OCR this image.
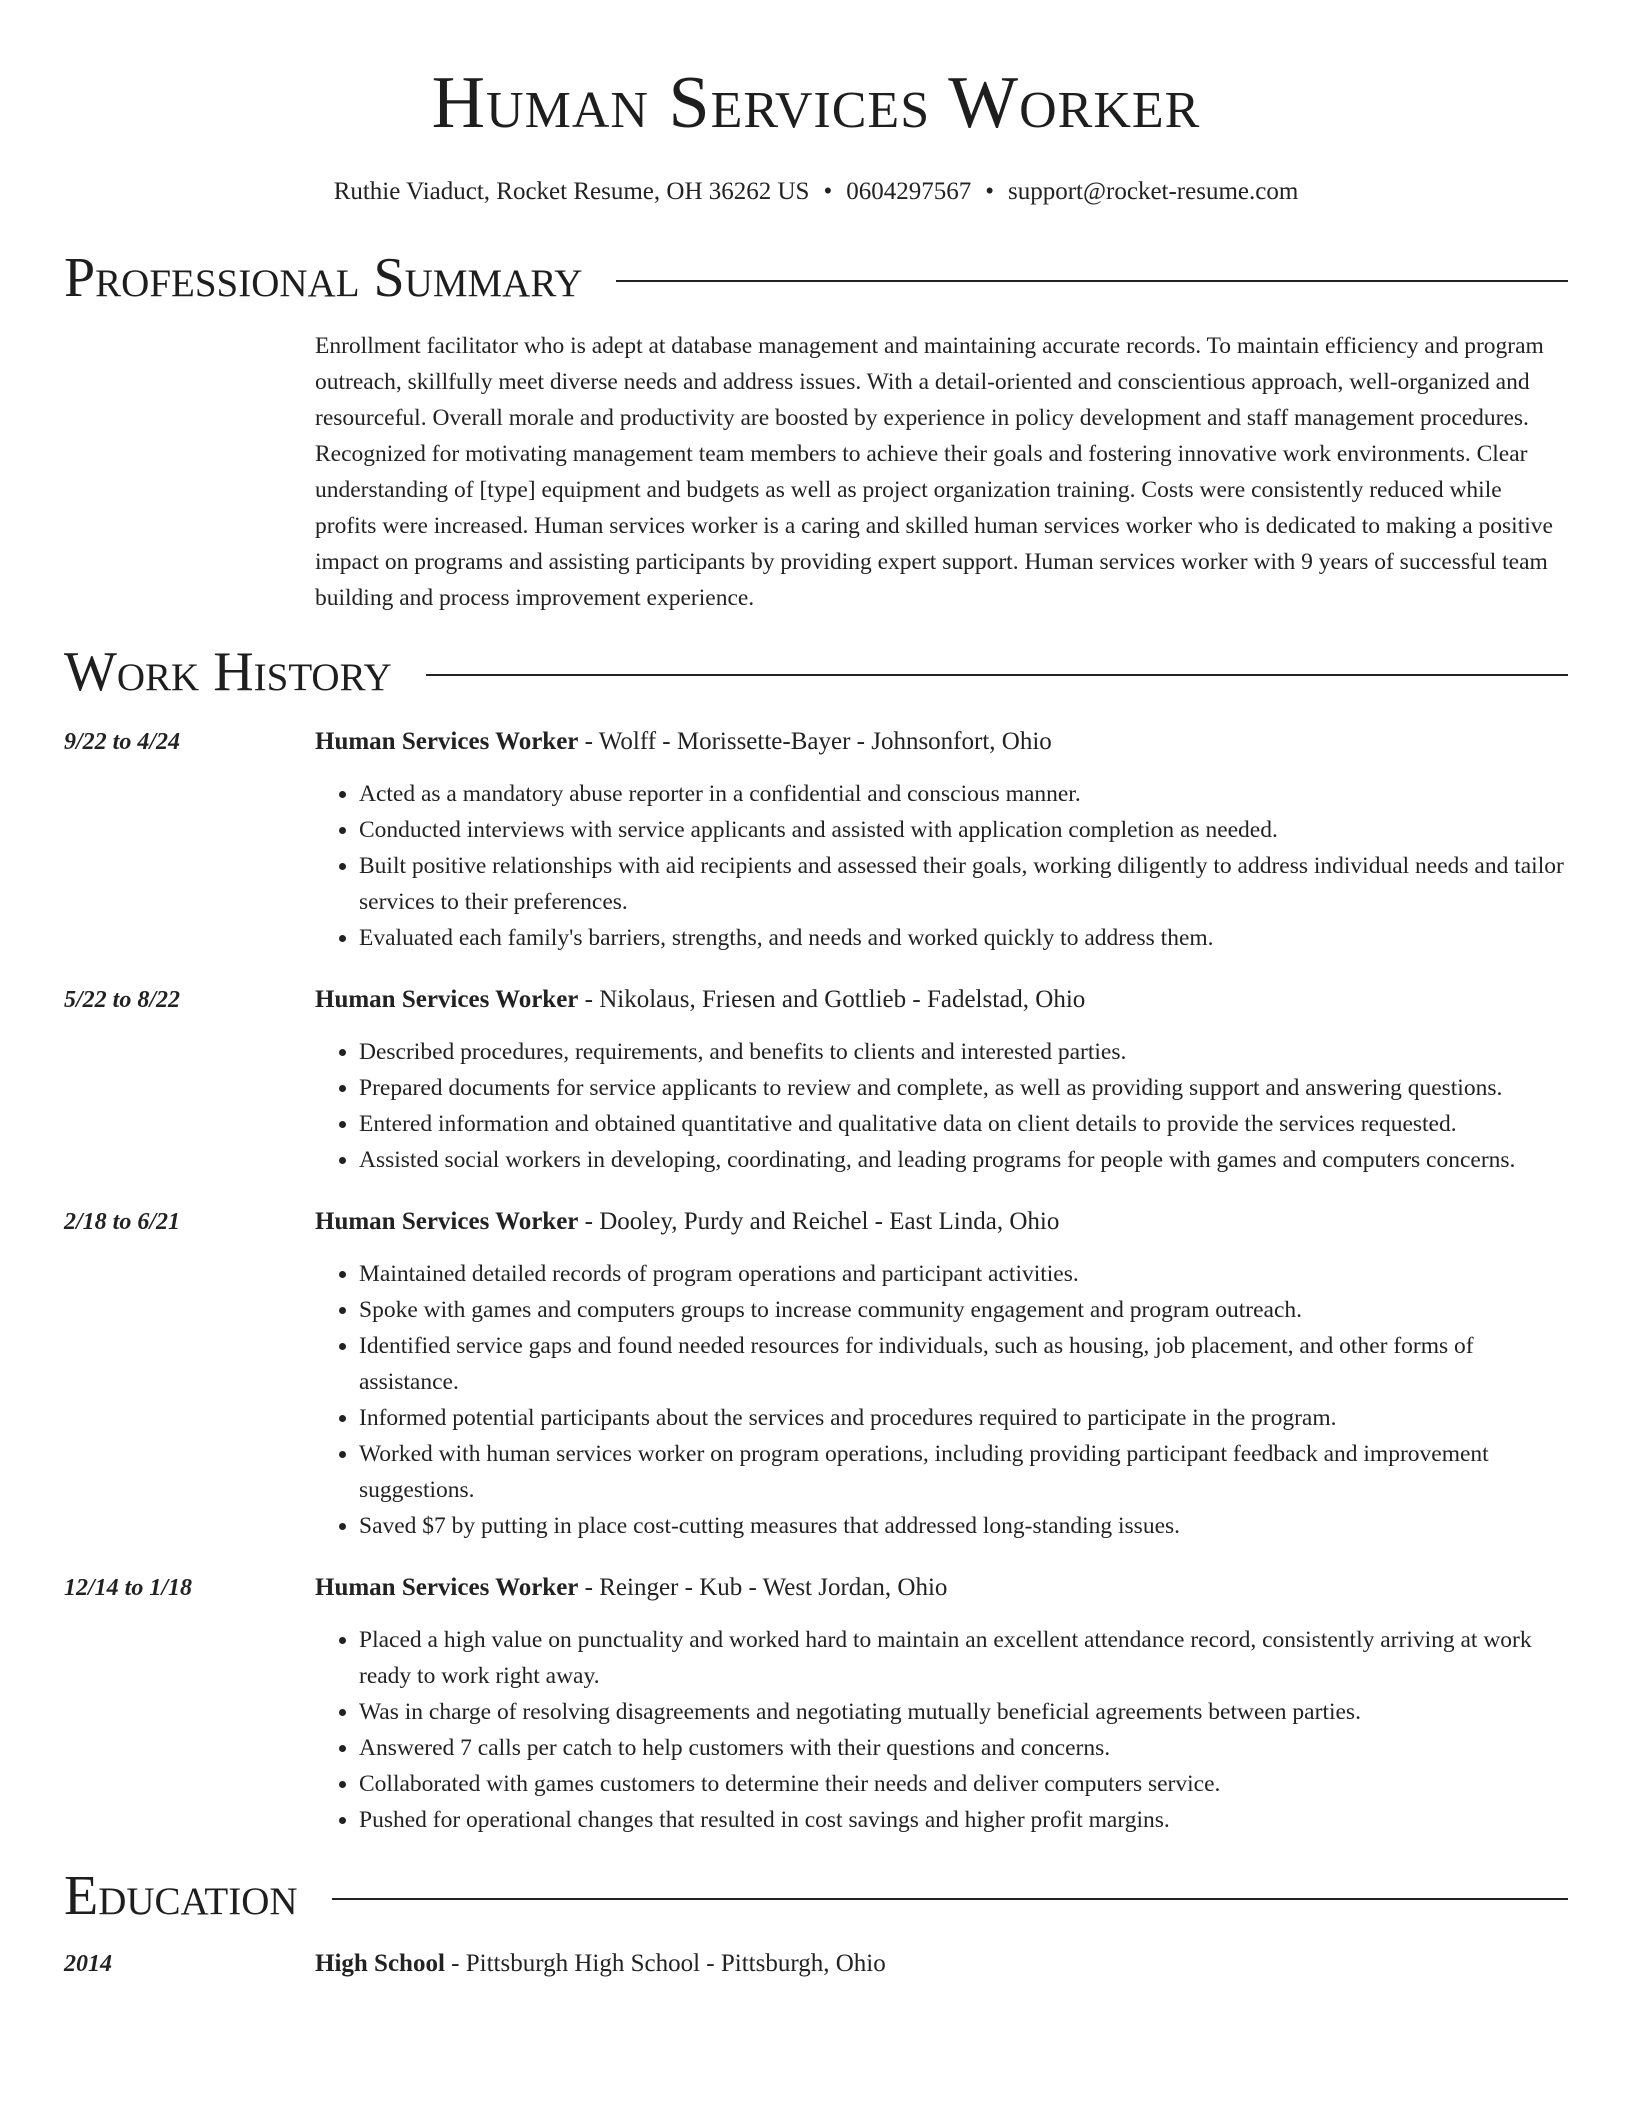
Human Services Worker
Ruthie Viaduct, Rocket Resume, OH 36262 US • 0604297567 • support@rocket-resume.com
Professional Summary
Enrollment facilitator who is adept at database management and maintaining accurate records. To maintain efficiency and program outreach, skillfully meet diverse needs and address issues. With a detail-oriented and conscientious approach, well-organized and resourceful. Overall morale and productivity are boosted by experience in policy development and staff management procedures. Recognized for motivating management team members to achieve their goals and fostering innovative work environments. Clear understanding of [type] equipment and budgets as well as project organization training. Costs were consistently reduced while profits were increased. Human services worker is a caring and skilled human services worker who is dedicated to making a positive impact on programs and assisting participants by providing expert support. Human services worker with 9 years of successful team building and process improvement experience.
Work History
9/22 to 4/24	Human Services Worker - Wolff - Morissette-Bayer - Johnsonfort, Ohio
• Acted as a mandatory abuse reporter in a confidential and conscious manner.
• Conducted interviews with service applicants and assisted with application completion as needed.
• Built positive relationships with aid recipients and assessed their goals, working diligently to address individual needs and tailor services to their preferences.
• Evaluated each family's barriers, strengths, and needs and worked quickly to address them.
5/22 to 8/22	Human Services Worker - Nikolaus, Friesen and Gottlieb - Fadelstad, Ohio
• Described procedures, requirements, and benefits to clients and interested parties.
• Prepared documents for service applicants to review and complete, as well as providing support and answering questions.
• Entered information and obtained quantitative and qualitative data on client details to provide the services requested.
• Assisted social workers in developing, coordinating, and leading programs for people with games and computers concerns.
2/18 to 6/21	Human Services Worker - Dooley, Purdy and Reichel - East Linda, Ohio
• Maintained detailed records of program operations and participant activities.
• Spoke with games and computers groups to increase community engagement and program outreach.
• Identified service gaps and found needed resources for individuals, such as housing, job placement, and other forms of assistance.
• Informed potential participants about the services and procedures required to participate in the program.
• Worked with human services worker on program operations, including providing participant feedback and improvement suggestions.
• Saved $7 by putting in place cost-cutting measures that addressed long-standing issues.
12/14 to 1/18	Human Services Worker - Reinger - Kub - West Jordan, Ohio
• Placed a high value on punctuality and worked hard to maintain an excellent attendance record, consistently arriving at work ready to work right away.
• Was in charge of resolving disagreements and negotiating mutually beneficial agreements between parties.
• Answered 7 calls per catch to help customers with their questions and concerns.
• Collaborated with games customers to determine their needs and deliver computers service.
• Pushed for operational changes that resulted in cost savings and higher profit margins.
Education
2014	High School - Pittsburgh High School - Pittsburgh, Ohio
